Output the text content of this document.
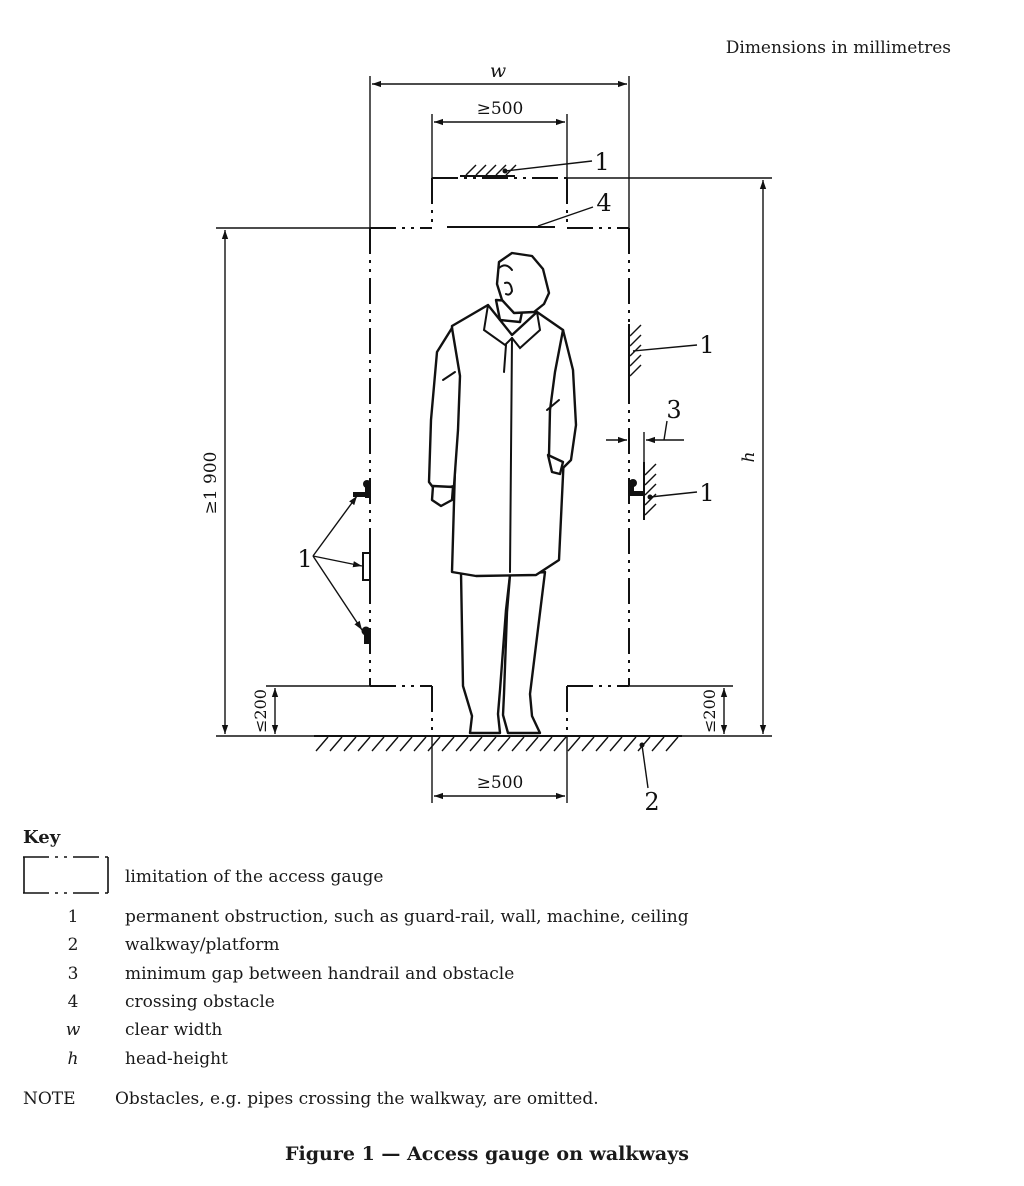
Dimensions in millimetres
w
≥500
≥500
≥1 900
≤200	≤200
h
1
4
1
3
1
1
2
Key
limitation of the access gauge
1	permanent obstruction, such as guard-rail, wall, machine, ceiling
2	walkway/platform
3	minimum gap between handrail and obstacle
4	crossing obstacle
w	clear width
h	head-height
NOTE Obstacles, e.g. pipes crossing the walkway, are omitted.
Figure 1 — Access gauge on walkways
